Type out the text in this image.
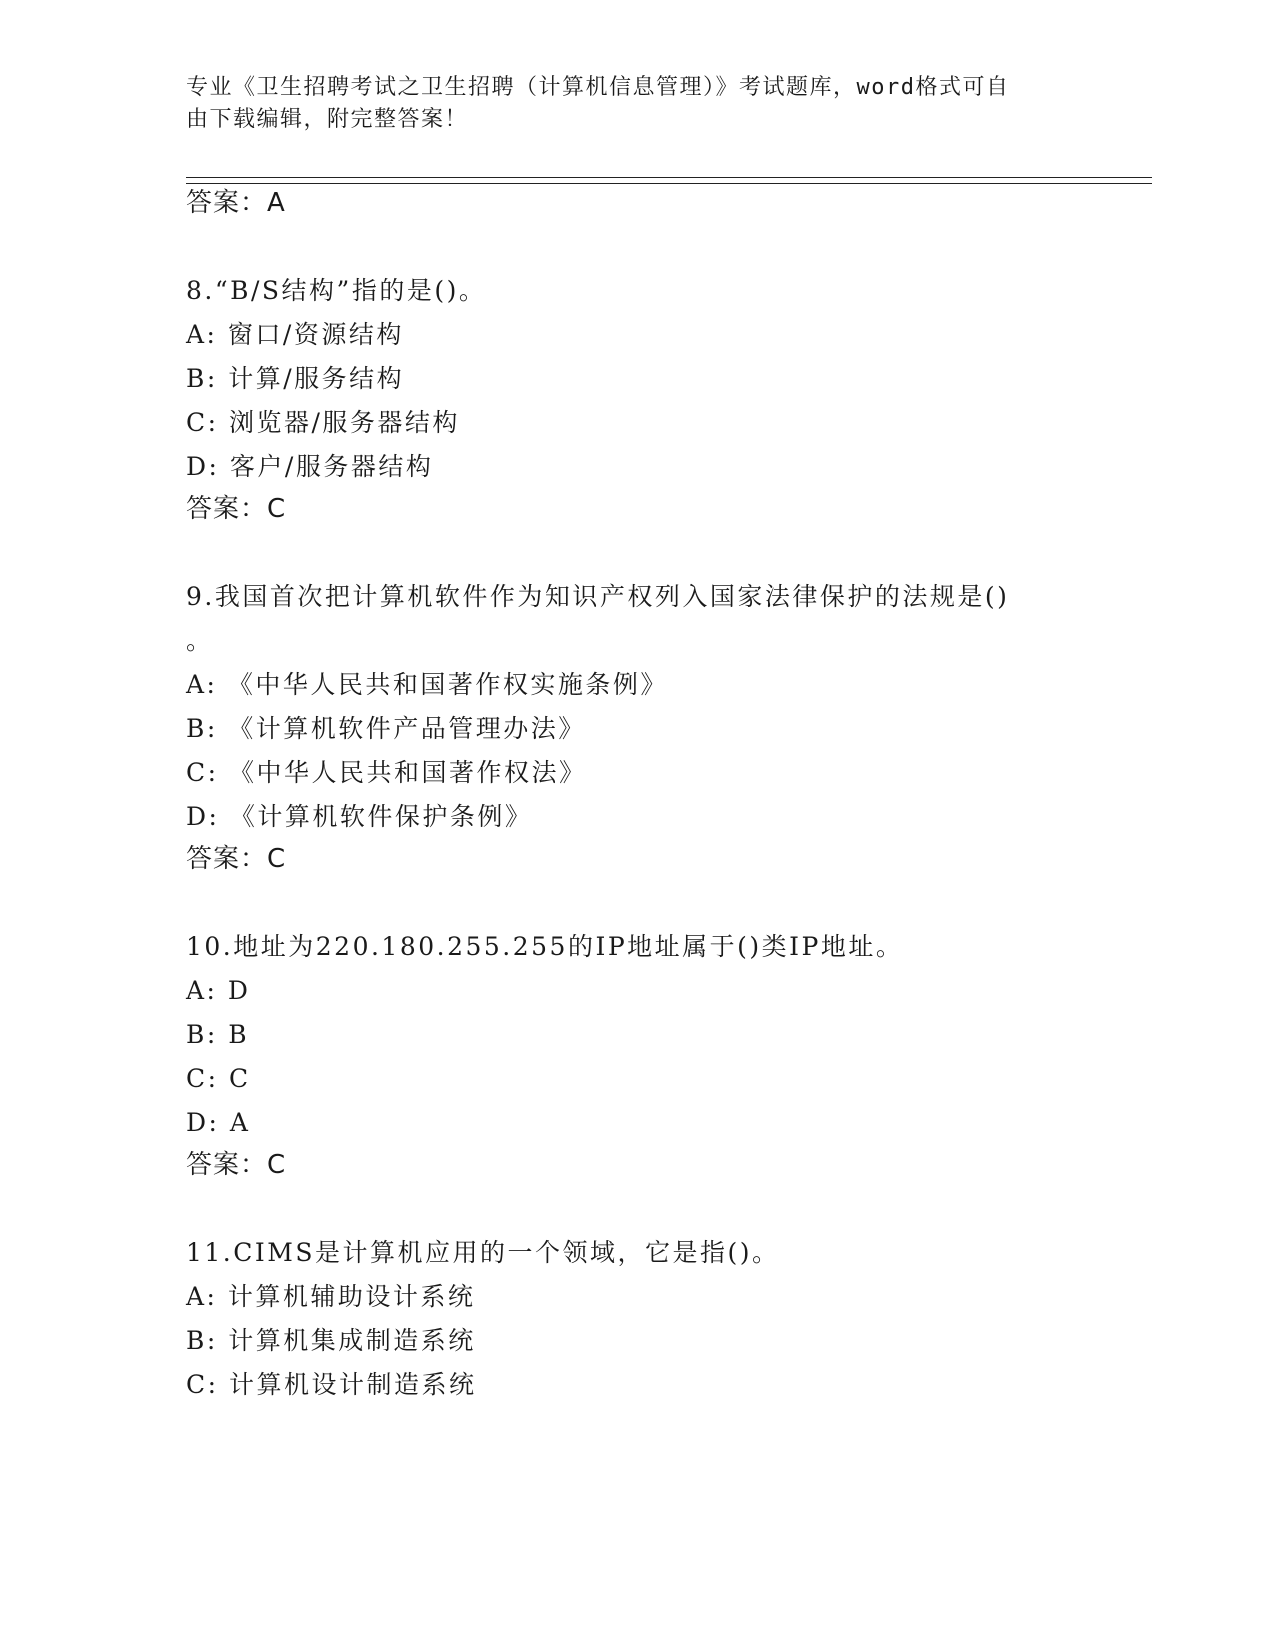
专业《卫生招聘考试之卫生招聘（计算机信息管理）》考试题库，word格式可自
由下载编辑，附完整答案！
答案：A
8.“B/S结构”指的是()。
A: 窗口/资源结构
B: 计算/服务结构
C: 浏览器/服务器结构
D: 客户/服务器结构
答案：C
9.我国首次把计算机软件作为知识产权列入国家法律保护的法规是()
。
A: 《中华人民共和国著作权实施条例》
B: 《计算机软件产品管理办法》
C: 《中华人民共和国著作权法》
D: 《计算机软件保护条例》
答案：C
10.地址为220.180.255.255的IP地址属于()类IP地址。
A: D
B: B
C: C
D: A
答案：C
11.CIMS是计算机应用的一个领域，它是指()。
A: 计算机辅助设计系统
B: 计算机集成制造系统
C: 计算机设计制造系统
